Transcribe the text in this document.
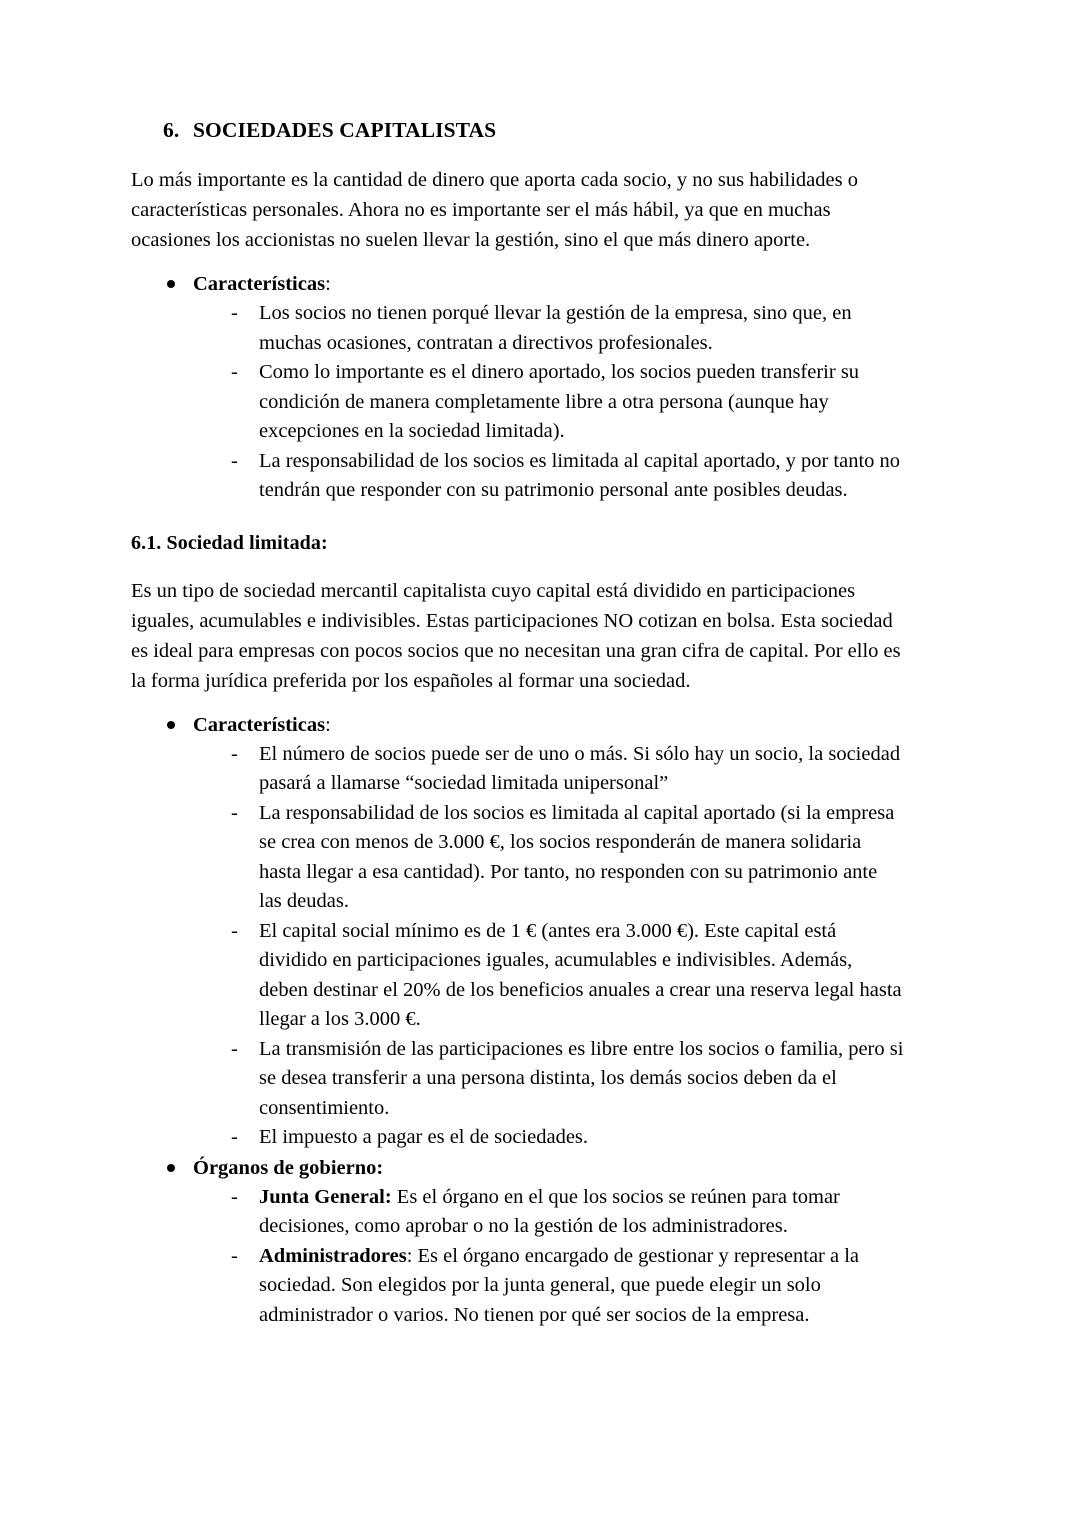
6. SOCIEDADES CAPITALISTAS

Lo más importante es la cantidad de dinero que aporta cada socio, y no sus habilidades o características personales. Ahora no es importante ser el más hábil, ya que en muchas ocasiones los accionistas no suelen llevar la gestión, sino el que más dinero aporte.

Características:
- Los socios no tienen porqué llevar la gestión de la empresa, sino que, en muchas ocasiones, contratan a directivos profesionales.
- Como lo importante es el dinero aportado, los socios pueden transferir su condición de manera completamente libre a otra persona (aunque hay excepciones en la sociedad limitada).
- La responsabilidad de los socios es limitada al capital aportado, y por tanto no tendrán que responder con su patrimonio personal ante posibles deudas.
6.1. Sociedad limitada:

Es un tipo de sociedad mercantil capitalista cuyo capital está dividido en participaciones iguales, acumulables e indivisibles. Estas participaciones NO cotizan en bolsa. Esta sociedad es ideal para empresas con pocos socios que no necesitan una gran cifra de capital. Por ello es la forma jurídica preferida por los españoles al formar una sociedad.

Características:
- El número de socios puede ser de uno o más. Si sólo hay un socio, la sociedad pasará a llamarse “sociedad limitada unipersonal”
- La responsabilidad de los socios es limitada al capital aportado (si la empresa se crea con menos de 3.000 €, los socios responderán de manera solidaria hasta llegar a esa cantidad). Por tanto, no responden con su patrimonio ante las deudas.
- El capital social mínimo es de 1 € (antes era 3.000 €). Este capital está dividido en participaciones iguales, acumulables e indivisibles. Además, deben destinar el 20% de los beneficios anuales a crear una reserva legal hasta llegar a los 3.000 €.
- La transmisión de las participaciones es libre entre los socios o familia, pero si se desea transferir a una persona distinta, los demás socios deben da el consentimiento.
- El impuesto a pagar es el de sociedades.
Órganos de gobierno:
- Junta General: Es el órgano en el que los socios se reúnen para tomar decisiones, como aprobar o no la gestión de los administradores.
- Administradores: Es el órgano encargado de gestionar y representar a la sociedad. Son elegidos por la junta general, que puede elegir un solo administrador o varios. No tienen por qué ser socios de la empresa.
